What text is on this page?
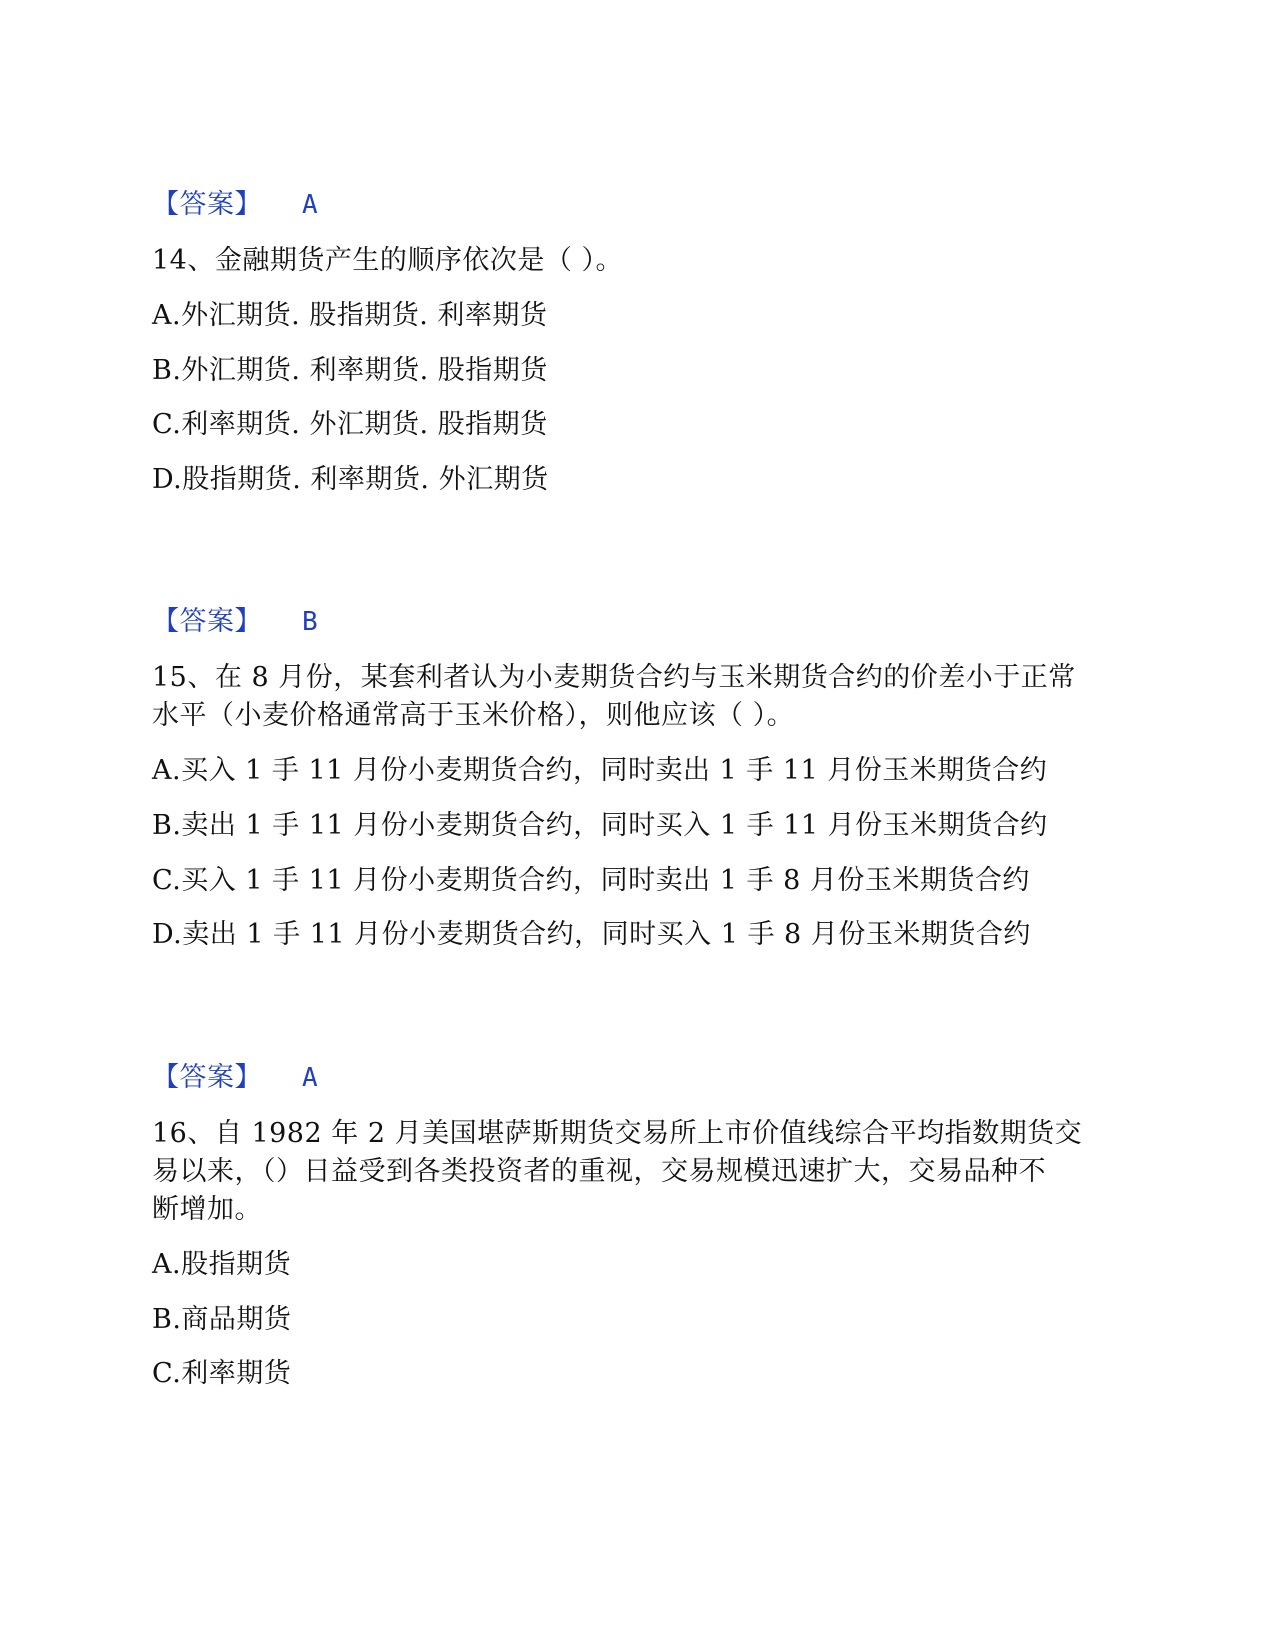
【答案】 A
14、金融期货产生的顺序依次是（ ）。
A.外汇期货. 股指期货. 利率期货
B.外汇期货. 利率期货. 股指期货
C.利率期货. 外汇期货. 股指期货
D.股指期货. 利率期货. 外汇期货
【答案】 B
15、在 8 月份，某套利者认为小麦期货合约与玉米期货合约的价差小于正常
水平（小麦价格通常高于玉米价格），则他应该（ ）。
A.买入 1 手 11 月份小麦期货合约，同时卖出 1 手 11 月份玉米期货合约
B.卖出 1 手 11 月份小麦期货合约，同时买入 1 手 11 月份玉米期货合约
C.买入 1 手 11 月份小麦期货合约，同时卖出 1 手 8 月份玉米期货合约
D.卖出 1 手 11 月份小麦期货合约，同时买入 1 手 8 月份玉米期货合约
【答案】 A
16、自 1982 年 2 月美国堪萨斯期货交易所上市价值线综合平均指数期货交
易以来，（）日益受到各类投资者的重视，交易规模迅速扩大，交易品种不
断增加。
A.股指期货
B.商品期货
C.利率期货
